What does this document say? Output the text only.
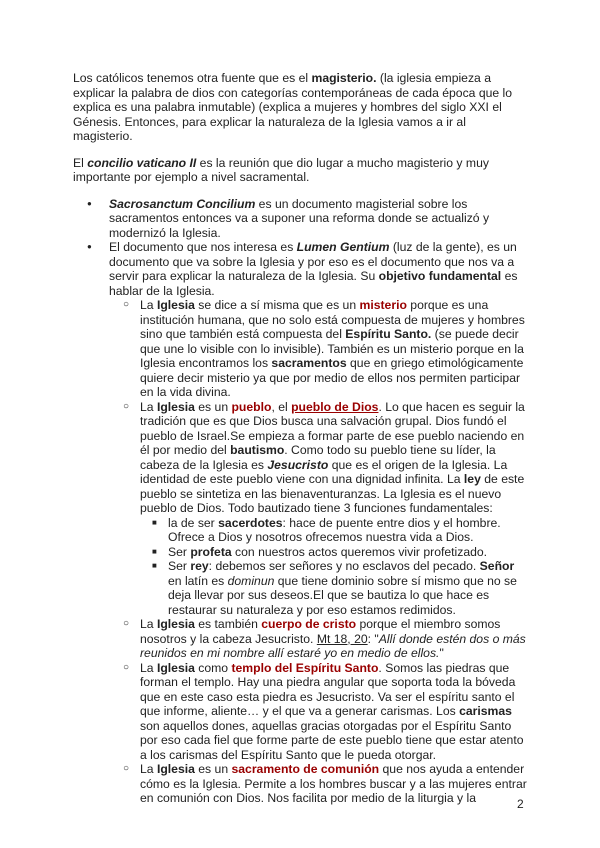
Los católicos tenemos otra fuente que es el magisterio. (la iglesia empieza a explicar la palabra de dios con categorías contemporáneas de cada época que lo explica es una palabra inmutable) (explica a mujeres y hombres del siglo XXI el Génesis. Entonces, para explicar la naturaleza de la Iglesia vamos a ir al magisterio.

El concilio vaticano II es la reunión que dio lugar a mucho magisterio y muy importante por ejemplo a nivel sacramental.

● Sacrosanctum Concilium es un documento magisterial sobre los sacramentos entonces va a suponer una reforma donde se actualizó y modernizó la Iglesia.
● El documento que nos interesa es Lumen Gentium (luz de la gente), es un documento que va sobre la Iglesia y por eso es el documento que nos va a servir para explicar la naturaleza de la Iglesia. Su objetivo fundamental es hablar de la Iglesia.
○ La Iglesia se dice a sí misma que es un misterio porque es una institución humana, que no solo está compuesta de mujeres y hombres sino que también está compuesta del Espíritu Santo. (se puede decir que une lo visible con lo invisible). También es un misterio porque en la Iglesia encontramos los sacramentos que en griego etimológicamente quiere decir misterio ya que por medio de ellos nos permiten participar en la vida divina.
○ La Iglesia es un pueblo, el pueblo de Dios. Lo que hacen es seguir la tradición que es que Dios busca una salvación grupal. Dios fundó el pueblo de Israel.Se empieza a formar parte de ese pueblo naciendo en él por medio del bautismo. Como todo su pueblo tiene su líder, la cabeza de la Iglesia es Jesucristo que es el origen de la Iglesia. La identidad de este pueblo viene con una dignidad infinita. La ley de este pueblo se sintetiza en las bienaventuranzas. La Iglesia es el nuevo pueblo de Dios. Todo bautizado tiene 3 funciones fundamentales:
■ la de ser sacerdotes: hace de puente entre dios y el hombre. Ofrece a Dios y nosotros ofrecemos nuestra vida a Dios.
■ Ser profeta con nuestros actos queremos vivir profetizado.
■ Ser rey: debemos ser señores y no esclavos del pecado. Señor en latín es dominun que tiene dominio sobre sí mismo que no se deja llevar por sus deseos.El que se bautiza lo que hace es restaurar su naturaleza y por eso estamos redimidos.
○ La Iglesia es también cuerpo de cristo porque el miembro somos nosotros y la cabeza Jesucristo. Mt 18, 20: "Allí donde estén dos o más reunidos en mi nombre allí estaré yo en medio de ellos."
○ La Iglesia como templo del Espíritu Santo. Somos las piedras que forman el templo. Hay una piedra angular que soporta toda la bóveda que en este caso esta piedra es Jesucristo. Va ser el espíritu santo el que informe, aliente… y el que va a generar carismas. Los carismas son aquellos dones, aquellas gracias otorgadas por el Espíritu Santo por eso cada fiel que forme parte de este pueblo tiene que estar atento a los carismas del Espíritu Santo que le pueda otorgar.
○ La Iglesia es un sacramento de comunión que nos ayuda a entender cómo es la Iglesia. Permite a los hombres buscar y a las mujeres entrar en comunión con Dios. Nos facilita por medio de la liturgia y la	2
